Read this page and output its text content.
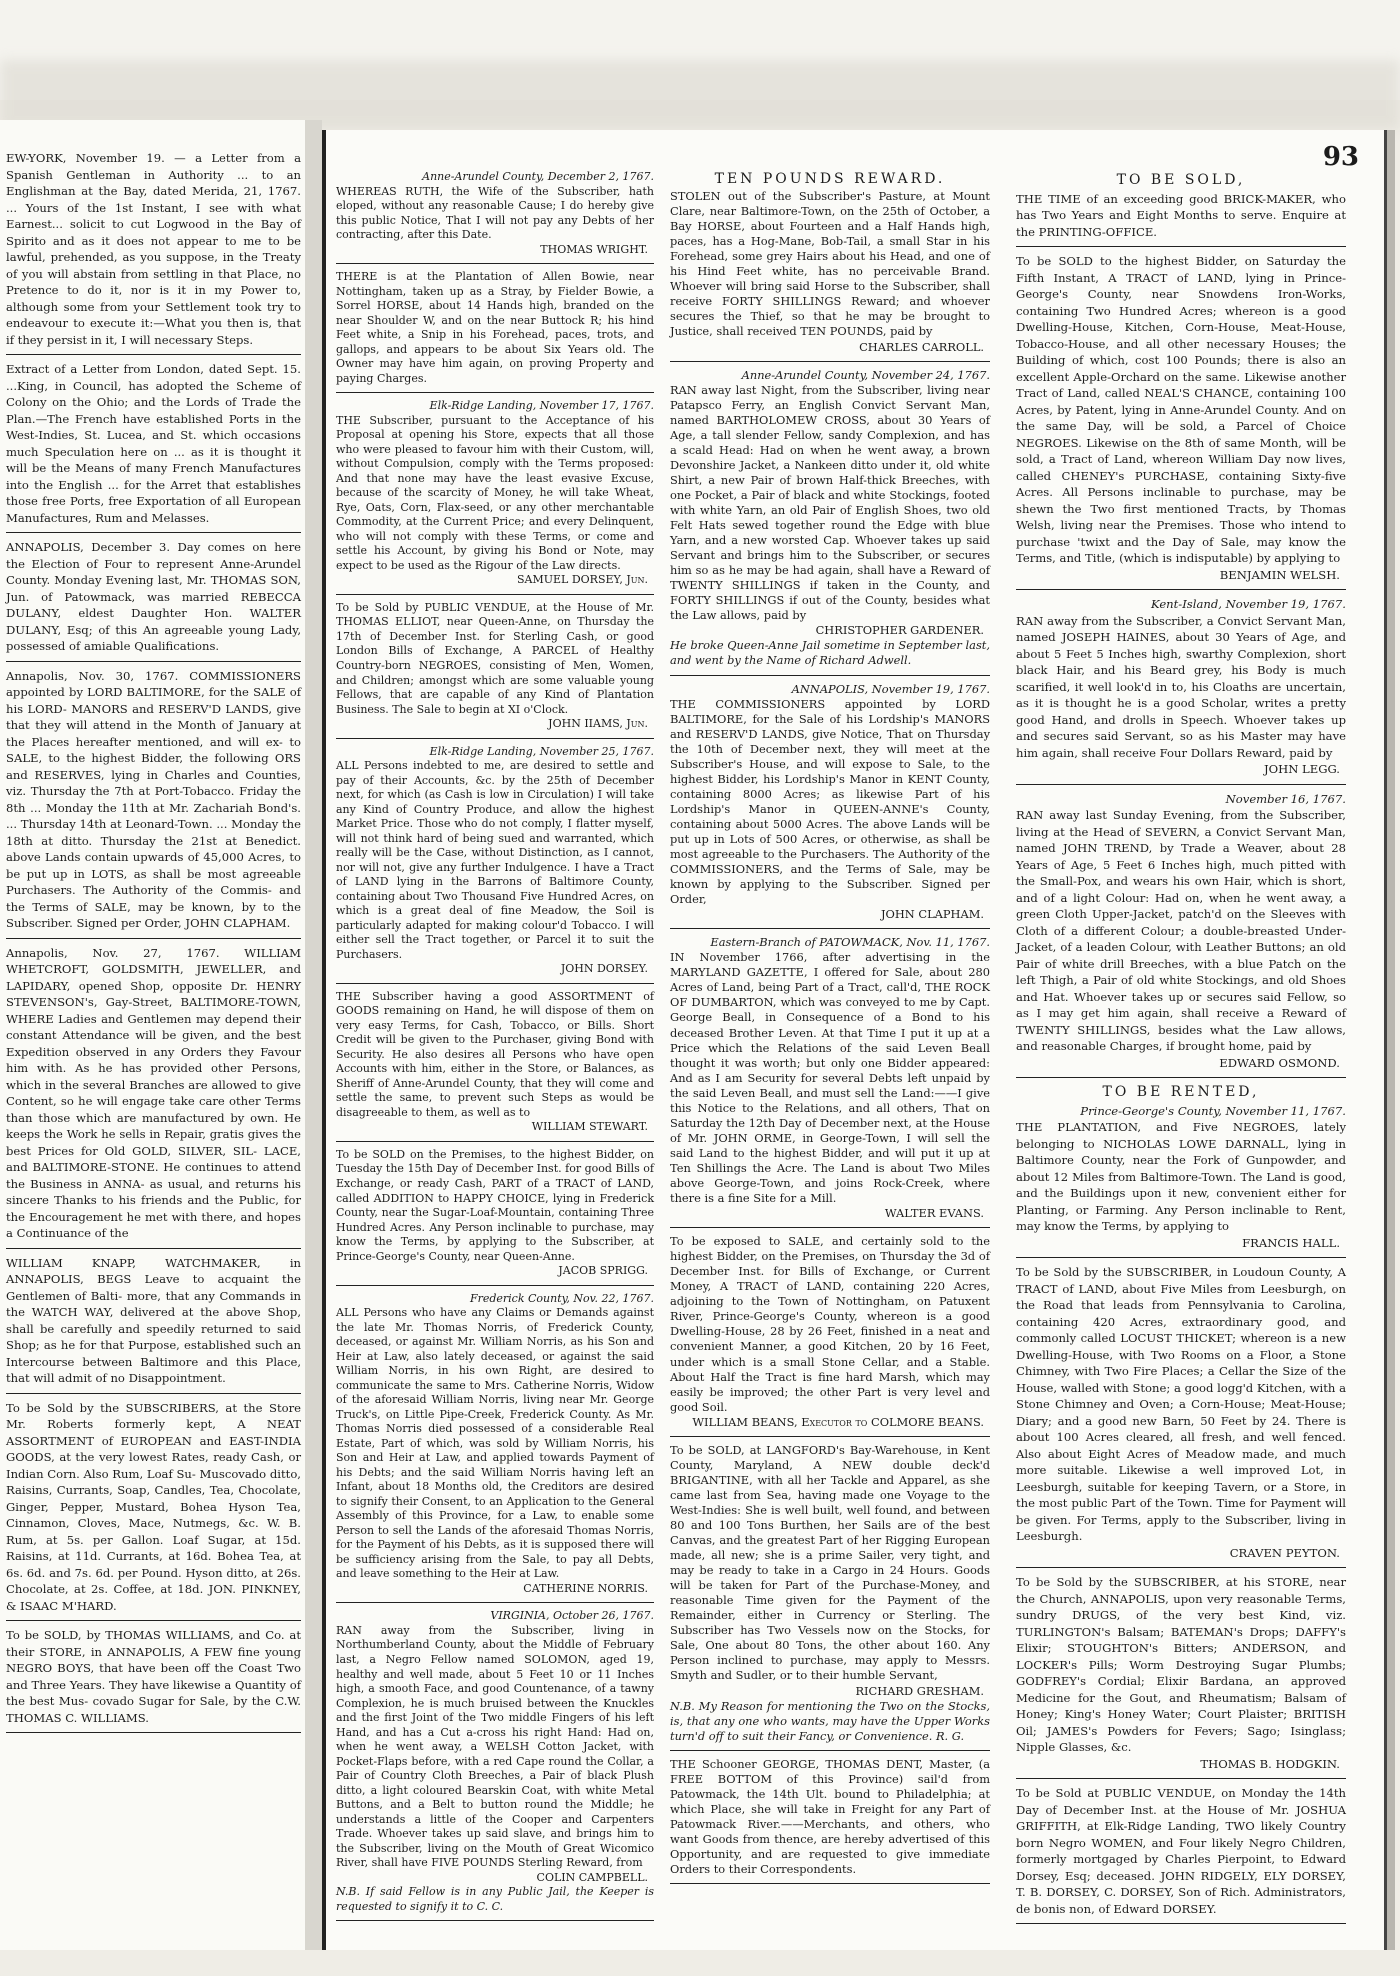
EW-YORK, November 19. — a Letter from a Spanish Gentleman in Authority ... to an Englishman at the Bay, dated Merida, 21, 1767. ... Yours of the 1st Instant, I see with what Earnest... solicit to cut Logwood in the Bay of Spirito and as it does not appear to me to be lawful, prehended, as you suppose, in the Treaty of you will abstain from settling in that Place, no Pretence to do it, nor is it in my Power to, although some from your Settlement took try to endeavour to execute it:—What you then is, that if they persist in it, I will necessary Steps.

Extract of a Letter from London, dated Sept. 15. ...King, in Council, has adopted the Scheme of Colony on the Ohio; and the Lords of Trade the Plan.—The French have established Ports in the West-Indies, St. Lucea, and St. which occasions much Speculation here on ... as it is thought it will be the Means of many French Manufactures into the English ... for the Arret that establishes those free Ports, free Exportation of all European Manufactures, Rum and Melasses.

ANNAPOLIS, December 3. Day comes on here the Election of Four to represent Anne-Arundel County. Monday Evening last, Mr. THOMAS SON, Jun. of Patowmack, was married REBECCA DULANY, eldest Daughter Hon. WALTER DULANY, Esq; of this An agreeable young Lady, possessed of amiable Qualifications.

Annapolis, Nov. 30, 1767. COMMISSIONERS appointed by LORD BALTIMORE, for the SALE of his LORD- MANORS and RESERV'D LANDS, give that they will attend in the Month of January at the Places hereafter mentioned, and will ex- to SALE, to the highest Bidder, the following ORS and RESERVES, lying in Charles and Counties, viz. Thursday the 7th at Port-Tobacco. Friday the 8th ... Monday the 11th at Mr. Zachariah Bond's. ... Thursday 14th at Leonard-Town. ... Monday the 18th at ditto. Thursday the 21st at Benedict. above Lands contain upwards of 45,000 Acres, to be put up in LOTS, as shall be most agreeable Purchasers. The Authority of the Commis- and the Terms of SALE, may be known, by to the Subscriber. Signed per Order, JOHN CLAPHAM.

Annapolis, Nov. 27, 1767. WILLIAM WHETCROFT, GOLDSMITH, JEWELLER, and LAPIDARY, opened Shop, opposite Dr. HENRY STEVENSON's, Gay-Street, BALTIMORE-TOWN, WHERE Ladies and Gentlemen may depend their constant Attendance will be given, and the best Expedition observed in any Orders they Favour him with. As he has provided other Persons, which in the several Branches are allowed to give Content, so he will engage take care other Terms than those which are manufactured by own. He keeps the Work he sells in Repair, gratis gives the best Prices for Old GOLD, SILVER, SIL- LACE, and BALTIMORE-STONE. He continues to attend the Business in ANNA- as usual, and returns his sincere Thanks to his friends and the Public, for the Encouragement he met with there, and hopes a Continuance of the

WILLIAM KNAPP, WATCHMAKER, in ANNAPOLIS, BEGS Leave to acquaint the Gentlemen of Balti- more, that any Commands in the WATCH WAY, delivered at the above Shop, shall be carefully and speedily returned to said Shop; as he for that Purpose, established such an Intercourse between Baltimore and this Place, that will admit of no Disappointment.

To be Sold by the SUBSCRIBERS, at the Store Mr. Roberts formerly kept, A NEAT ASSORTMENT of EUROPEAN and EAST-INDIA GOODS, at the very lowest Rates, ready Cash, or Indian Corn. Also Rum, Loaf Su- Muscovado ditto, Raisins, Currants, Soap, Candles, Tea, Chocolate, Ginger, Pepper, Mustard, Bohea Hyson Tea, Cinnamon, Cloves, Mace, Nutmegs, &c. W. B. Rum, at 5s. per Gallon. Loaf Sugar, at 15d. Raisins, at 11d. Currants, at 16d. Bohea Tea, at 6s. 6d. and 7s. 6d. per Pound. Hyson ditto, at 26s. Chocolate, at 2s. Coffee, at 18d. JON. PINKNEY, & ISAAC M'HARD.

To be SOLD, by THOMAS WILLIAMS, and Co. at their STORE, in ANNAPOLIS, A FEW fine young NEGRO BOYS, that have been off the Coast Two and Three Years. They have likewise a Quantity of the best Mus- covado Sugar for Sale, by the C.W. THOMAS C. WILLIAMS.

93

Anne-Arundel County, December 2, 1767.

WHEREAS RUTH, the Wife of the Subscriber, hath eloped, without any reasonable Cause; I do hereby give this public Notice, That I will not pay any Debts of her contracting, after this Date.

THOMAS WRIGHT.

THERE is at the Plantation of Allen Bowie, near Nottingham, taken up as a Stray, by Fielder Bowie, a Sorrel HORSE, about 14 Hands high, branded on the near Shoulder W, and on the near Buttock R; his hind Feet white, a Snip in his Forehead, paces, trots, and gallops, and appears to be about Six Years old. The Owner may have him again, on proving Property and paying Charges.

Elk-Ridge Landing, November 17, 1767.

THE Subscriber, pursuant to the Acceptance of his Proposal at opening his Store, expects that all those who were pleased to favour him with their Custom, will, without Compulsion, comply with the Terms proposed: And that none may have the least evasive Excuse, because of the scarcity of Money, he will take Wheat, Rye, Oats, Corn, Flax-seed, or any other merchantable Commodity, at the Current Price; and every Delinquent, who will not comply with these Terms, or come and settle his Account, by giving his Bond or Note, may expect to be used as the Rigour of the Law directs.

SAMUEL DORSEY, Jun.

To be Sold by PUBLIC VENDUE, at the House of Mr. THOMAS ELLIOT, near Queen-Anne, on Thursday the 17th of December Inst. for Sterling Cash, or good London Bills of Exchange, A PARCEL of Healthy Country-born NEGROES, consisting of Men, Women, and Children; amongst which are some valuable young Fellows, that are capable of any Kind of Plantation Business. The Sale to begin at XI o'Clock.

JOHN IIAMS, Jun.

Elk-Ridge Landing, November 25, 1767.

ALL Persons indebted to me, are desired to settle and pay of their Accounts, &c. by the 25th of December next, for which (as Cash is low in Circulation) I will take any Kind of Country Produce, and allow the highest Market Price. Those who do not comply, I flatter myself, will not think hard of being sued and warranted, which really will be the Case, without Distinction, as I cannot, nor will not, give any further Indulgence. I have a Tract of LAND lying in the Barrons of Baltimore County, containing about Two Thousand Five Hundred Acres, on which is a great deal of fine Meadow, the Soil is particularly adapted for making colour'd Tobacco. I will either sell the Tract together, or Parcel it to suit the Purchasers.

JOHN DORSEY.

THE Subscriber having a good ASSORTMENT of GOODS remaining on Hand, he will dispose of them on very easy Terms, for Cash, Tobacco, or Bills. Short Credit will be given to the Purchaser, giving Bond with Security. He also desires all Persons who have open Accounts with him, either in the Store, or Balances, as Sheriff of Anne-Arundel County, that they will come and settle the same, to prevent such Steps as would be disagreeable to them, as well as to

WILLIAM STEWART.

To be SOLD on the Premises, to the highest Bidder, on Tuesday the 15th Day of December Inst. for good Bills of Exchange, or ready Cash, PART of a TRACT of LAND, called ADDITION to HAPPY CHOICE, lying in Frederick County, near the Sugar-Loaf-Mountain, containing Three Hundred Acres. Any Person inclinable to purchase, may know the Terms, by applying to the Subscriber, at Prince-George's County, near Queen-Anne.

JACOB SPRIGG.

Frederick County, Nov. 22, 1767.

ALL Persons who have any Claims or Demands against the late Mr. Thomas Norris, of Frederick County, deceased, or against Mr. William Norris, as his Son and Heir at Law, also lately deceased, or against the said William Norris, in his own Right, are desired to communicate the same to Mrs. Catherine Norris, Widow of the aforesaid William Norris, living near Mr. George Truck's, on Little Pipe-Creek, Frederick County. As Mr. Thomas Norris died possessed of a considerable Real Estate, Part of which, was sold by William Norris, his Son and Heir at Law, and applied towards Payment of his Debts; and the said William Norris having left an Infant, about 18 Months old, the Creditors are desired to signify their Consent, to an Application to the General Assembly of this Province, for a Law, to enable some Person to sell the Lands of the aforesaid Thomas Norris, for the Payment of his Debts, as it is supposed there will be sufficiency arising from the Sale, to pay all Debts, and leave something to the Heir at Law.

CATHERINE NORRIS.

VIRGINIA, October 26, 1767.

RAN away from the Subscriber, living in Northumberland County, about the Middle of February last, a Negro Fellow named SOLOMON, aged 19, healthy and well made, about 5 Feet 10 or 11 Inches high, a smooth Face, and good Countenance, of a tawny Complexion, he is much bruised between the Knuckles and the first Joint of the Two middle Fingers of his left Hand, and has a Cut a-cross his right Hand: Had on, when he went away, a WELSH Cotton Jacket, with Pocket-Flaps before, with a red Cape round the Collar, a Pair of Country Cloth Breeches, a Pair of black Plush ditto, a light coloured Bearskin Coat, with white Metal Buttons, and a Belt to button round the Middle; he understands a little of the Cooper and Carpenters Trade. Whoever takes up said slave, and brings him to the Subscriber, living on the Mouth of Great Wicomico River, shall have FIVE POUNDS Sterling Reward, from

COLIN CAMPBELL.

N.B. If said Fellow is in any Public Jail, the Keeper is requested to signify it to C. C.

TEN POUNDS REWARD.

STOLEN out of the Subscriber's Pasture, at Mount Clare, near Baltimore-Town, on the 25th of October, a Bay HORSE, about Fourteen and a Half Hands high, paces, has a Hog-Mane, Bob-Tail, a small Star in his Forehead, some grey Hairs about his Head, and one of his Hind Feet white, has no perceivable Brand. Whoever will bring said Horse to the Subscriber, shall receive FORTY SHILLINGS Reward; and whoever secures the Thief, so that he may be brought to Justice, shall received TEN POUNDS, paid by

CHARLES CARROLL.

Anne-Arundel County, November 24, 1767.

RAN away last Night, from the Subscriber, living near Patapsco Ferry, an English Convict Servant Man, named BARTHOLOMEW CROSS, about 30 Years of Age, a tall slender Fellow, sandy Complexion, and has a scald Head: Had on when he went away, a brown Devonshire Jacket, a Nankeen ditto under it, old white Shirt, a new Pair of brown Half-thick Breeches, with one Pocket, a Pair of black and white Stockings, footed with white Yarn, an old Pair of English Shoes, two old Felt Hats sewed together round the Edge with blue Yarn, and a new worsted Cap. Whoever takes up said Servant and brings him to the Subscriber, or secures him so as he may be had again, shall have a Reward of TWENTY SHILLINGS if taken in the County, and FORTY SHILLINGS if out of the County, besides what the Law allows, paid by

CHRISTOPHER GARDENER.

He broke Queen-Anne Jail sometime in September last, and went by the Name of Richard Adwell.

ANNAPOLIS, November 19, 1767.

THE COMMISSIONERS appointed by LORD BALTIMORE, for the Sale of his Lordship's MANORS and RESERV'D LANDS, give Notice, That on Thursday the 10th of December next, they will meet at the Subscriber's House, and will expose to Sale, to the highest Bidder, his Lordship's Manor in KENT County, containing 8000 Acres; as likewise Part of his Lordship's Manor in QUEEN-ANNE's County, containing about 5000 Acres. The above Lands will be put up in Lots of 500 Acres, or otherwise, as shall be most agreeable to the Purchasers. The Authority of the COMMISSIONERS, and the Terms of Sale, may be known by applying to the Subscriber. Signed per Order,

JOHN CLAPHAM.

Eastern-Branch of PATOWMACK, Nov. 11, 1767.

IN November 1766, after advertising in the MARYLAND GAZETTE, I offered for Sale, about 280 Acres of Land, being Part of a Tract, call'd, THE ROCK OF DUMBARTON, which was conveyed to me by Capt. George Beall, in Consequence of a Bond to his deceased Brother Leven. At that Time I put it up at a Price which the Relations of the said Leven Beall thought it was worth; but only one Bidder appeared: And as I am Security for several Debts left unpaid by the said Leven Beall, and must sell the Land:——I give this Notice to the Relations, and all others, That on Saturday the 12th Day of December next, at the House of Mr. JOHN ORME, in George-Town, I will sell the said Land to the highest Bidder, and will put it up at Ten Shillings the Acre. The Land is about Two Miles above George-Town, and joins Rock-Creek, where there is a fine Site for a Mill.

WALTER EVANS.

To be exposed to SALE, and certainly sold to the highest Bidder, on the Premises, on Thursday the 3d of December Inst. for Bills of Exchange, or Current Money, A TRACT of LAND, containing 220 Acres, adjoining to the Town of Nottingham, on Patuxent River, Prince-George's County, whereon is a good Dwelling-House, 28 by 26 Feet, finished in a neat and convenient Manner, a good Kitchen, 20 by 16 Feet, under which is a small Stone Cellar, and a Stable. About Half the Tract is fine hard Marsh, which may easily be improved; the other Part is very level and good Soil.

WILLIAM BEANS, Executor to COLMORE BEANS.

To be SOLD, at LANGFORD's Bay-Warehouse, in Kent County, Maryland, A NEW double deck'd BRIGANTINE, with all her Tackle and Apparel, as she came last from Sea, having made one Voyage to the West-Indies: She is well built, well found, and between 80 and 100 Tons Burthen, her Sails are of the best Canvas, and the greatest Part of her Rigging European made, all new; she is a prime Sailer, very tight, and may be ready to take in a Cargo in 24 Hours. Goods will be taken for Part of the Purchase-Money, and reasonable Time given for the Payment of the Remainder, either in Currency or Sterling. The Subscriber has Two Vessels now on the Stocks, for Sale, One about 80 Tons, the other about 160. Any Person inclined to purchase, may apply to Messrs. Smyth and Sudler, or to their humble Servant,

RICHARD GRESHAM.

N.B. My Reason for mentioning the Two on the Stocks, is, that any one who wants, may have the Upper Works turn'd off to suit their Fancy, or Convenience. R. G.

THE Schooner GEORGE, THOMAS DENT, Master, (a FREE BOTTOM of this Province) sail'd from Patowmack, the 14th Ult. bound to Philadelphia; at which Place, she will take in Freight for any Part of Patowmack River.——Merchants, and others, who want Goods from thence, are hereby advertised of this Opportunity, and are requested to give immediate Orders to their Correspondents.

TO BE SOLD,

THE TIME of an exceeding good BRICK-MAKER, who has Two Years and Eight Months to serve. Enquire at the PRINTING-OFFICE.

To be SOLD to the highest Bidder, on Saturday the Fifth Instant, A TRACT of LAND, lying in Prince-George's County, near Snowdens Iron-Works, containing Two Hundred Acres; whereon is a good Dwelling-House, Kitchen, Corn-House, Meat-House, Tobacco-House, and all other necessary Houses; the Building of which, cost 100 Pounds; there is also an excellent Apple-Orchard on the same. Likewise another Tract of Land, called NEAL'S CHANCE, containing 100 Acres, by Patent, lying in Anne-Arundel County. And on the same Day, will be sold, a Parcel of Choice NEGROES. Likewise on the 8th of same Month, will be sold, a Tract of Land, whereon William Day now lives, called CHENEY's PURCHASE, containing Sixty-five Acres. All Persons inclinable to purchase, may be shewn the Two first mentioned Tracts, by Thomas Welsh, living near the Premises. Those who intend to purchase 'twixt and the Day of Sale, may know the Terms, and Title, (which is indisputable) by applying to

BENJAMIN WELSH.

Kent-Island, November 19, 1767.

RAN away from the Subscriber, a Convict Servant Man, named JOSEPH HAINES, about 30 Years of Age, and about 5 Feet 5 Inches high, swarthy Complexion, short black Hair, and his Beard grey, his Body is much scarified, it well look'd in to, his Cloaths are uncertain, as it is thought he is a good Scholar, writes a pretty good Hand, and drolls in Speech. Whoever takes up and secures said Servant, so as his Master may have him again, shall receive Four Dollars Reward, paid by

JOHN LEGG.

November 16, 1767.

RAN away last Sunday Evening, from the Subscriber, living at the Head of SEVERN, a Convict Servant Man, named JOHN TREND, by Trade a Weaver, about 28 Years of Age, 5 Feet 6 Inches high, much pitted with the Small-Pox, and wears his own Hair, which is short, and of a light Colour: Had on, when he went away, a green Cloth Upper-Jacket, patch'd on the Sleeves with Cloth of a different Colour; a double-breasted Under-Jacket, of a leaden Colour, with Leather Buttons; an old Pair of white drill Breeches, with a blue Patch on the left Thigh, a Pair of old white Stockings, and old Shoes and Hat. Whoever takes up or secures said Fellow, so as I may get him again, shall receive a Reward of TWENTY SHILLINGS, besides what the Law allows, and reasonable Charges, if brought home, paid by

EDWARD OSMOND.

TO BE RENTED,

Prince-George's County, November 11, 1767.

THE PLANTATION, and Five NEGROES, lately belonging to NICHOLAS LOWE DARNALL, lying in Baltimore County, near the Fork of Gunpowder, and about 12 Miles from Baltimore-Town. The Land is good, and the Buildings upon it new, convenient either for Planting, or Farming. Any Person inclinable to Rent, may know the Terms, by applying to

FRANCIS HALL.

To be Sold by the SUBSCRIBER, in Loudoun County, A TRACT of LAND, about Five Miles from Leesburgh, on the Road that leads from Pennsylvania to Carolina, containing 420 Acres, extraordinary good, and commonly called LOCUST THICKET; whereon is a new Dwelling-House, with Two Rooms on a Floor, a Stone Chimney, with Two Fire Places; a Cellar the Size of the House, walled with Stone; a good logg'd Kitchen, with a Stone Chimney and Oven; a Corn-House; Meat-House; Diary; and a good new Barn, 50 Feet by 24. There is about 100 Acres cleared, all fresh, and well fenced. Also about Eight Acres of Meadow made, and much more suitable. Likewise a well improved Lot, in Leesburgh, suitable for keeping Tavern, or a Store, in the most public Part of the Town. Time for Payment will be given. For Terms, apply to the Subscriber, living in Leesburgh.

CRAVEN PEYTON.

To be Sold by the SUBSCRIBER, at his STORE, near the Church, ANNAPOLIS, upon very reasonable Terms, sundry DRUGS, of the very best Kind, viz. TURLINGTON's Balsam; BATEMAN's Drops; DAFFY's Elixir; STOUGHTON's Bitters; ANDERSON, and LOCKER's Pills; Worm Destroying Sugar Plumbs; GODFREY's Cordial; Elixir Bardana, an approved Medicine for the Gout, and Rheumatism; Balsam of Honey; King's Honey Water; Court Plaister; BRITISH Oil; JAMES's Powders for Fevers; Sago; Isinglass; Nipple Glasses, &c.

THOMAS B. HODGKIN.

To be Sold at PUBLIC VENDUE, on Monday the 14th Day of December Inst. at the House of Mr. JOSHUA GRIFFITH, at Elk-Ridge Landing, TWO likely Country born Negro WOMEN, and Four likely Negro Children, formerly mortgaged by Charles Pierpoint, to Edward Dorsey, Esq; deceased. JOHN RIDGELY, ELY DORSEY, T. B. DORSEY, C. DORSEY, Son of Rich. Administrators, de bonis non, of Edward DORSEY.
